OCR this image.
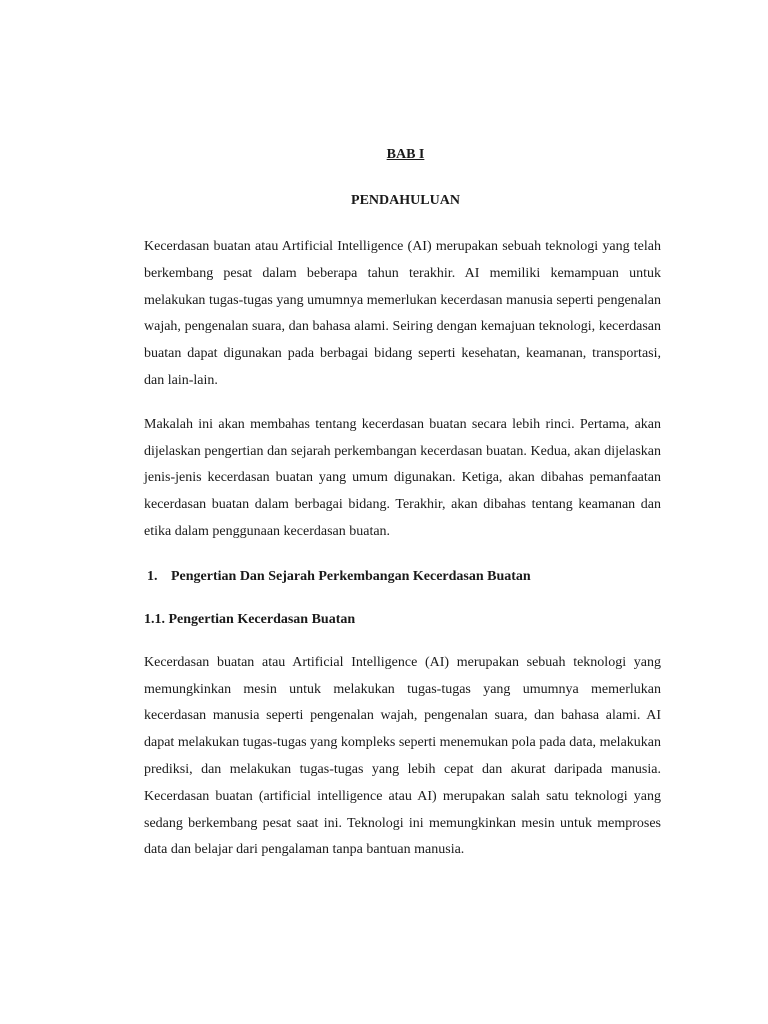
BAB I
PENDAHULUAN

Kecerdasan buatan atau Artificial Intelligence (AI) merupakan sebuah teknologi yang telah berkembang pesat dalam beberapa tahun terakhir. AI memiliki kemampuan untuk melakukan tugas-tugas yang umumnya memerlukan kecerdasan manusia seperti pengenalan wajah, pengenalan suara, dan bahasa alami. Seiring dengan kemajuan teknologi, kecerdasan buatan dapat digunakan pada berbagai bidang seperti kesehatan, keamanan, transportasi, dan lain-lain.

Makalah ini akan membahas tentang kecerdasan buatan secara lebih rinci. Pertama, akan dijelaskan pengertian dan sejarah perkembangan kecerdasan buatan. Kedua, akan dijelaskan jenis-jenis kecerdasan buatan yang umum digunakan. Ketiga, akan dibahas pemanfaatan kecerdasan buatan dalam berbagai bidang. Terakhir, akan dibahas tentang keamanan dan etika dalam penggunaan kecerdasan buatan.

1. Pengertian Dan Sejarah Perkembangan Kecerdasan Buatan
1.1. Pengertian Kecerdasan Buatan

Kecerdasan buatan atau Artificial Intelligence (AI) merupakan sebuah teknologi yang memungkinkan mesin untuk melakukan tugas-tugas yang umumnya memerlukan kecerdasan manusia seperti pengenalan wajah, pengenalan suara, dan bahasa alami. AI dapat melakukan tugas-tugas yang kompleks seperti menemukan pola pada data, melakukan prediksi, dan melakukan tugas-tugas yang lebih cepat dan akurat daripada manusia. Kecerdasan buatan (artificial intelligence atau AI) merupakan salah satu teknologi yang sedang berkembang pesat saat ini. Teknologi ini memungkinkan mesin untuk memproses data dan belajar dari pengalaman tanpa bantuan manusia.
